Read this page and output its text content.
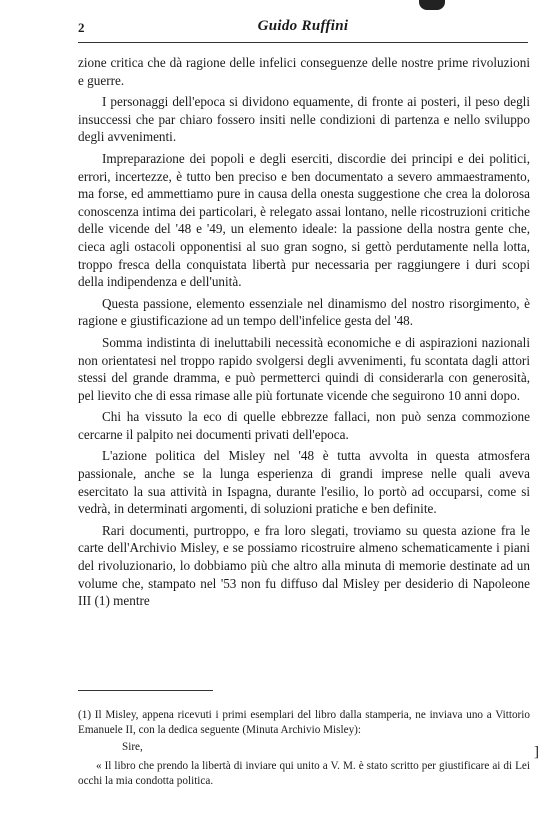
2	Guido Ruffini

zione critica che dà ragione delle infelici conseguenze delle nostre prime rivoluzioni e guerre.

I personaggi dell'epoca si dividono equamente, di fronte ai posteri, il peso degli insuccessi che par chiaro fossero insiti nelle condizioni di partenza e nello sviluppo degli avvenimenti.

Impreparazione dei popoli e degli eserciti, discordie dei principi e dei politici, errori, incertezze, è tutto ben preciso e ben documentato a severo ammaestramento, ma forse, ed ammettiamo pure in causa della onesta suggestione che crea la dolorosa conoscenza intima dei particolari, è relegato assai lontano, nelle ricostruzioni critiche delle vicende del '48 e '49, un elemento ideale: la passione della nostra gente che, cieca agli ostacoli opponentisi al suo gran sogno, si gettò perdutamente nella lotta, troppo fresca della conquistata libertà pur necessaria per raggiungere i duri scopi della indipendenza e dell'unità.

Questa passione, elemento essenziale nel dinamismo del nostro risorgimento, è ragione e giustificazione ad un tempo dell'infelice gesta del '48.

Somma indistinta di ineluttabili necessità economiche e di aspirazioni nazionali non orientatesi nel troppo rapido svolgersi degli avvenimenti, fu scontata dagli attori stessi del grande dramma, e può permetterci quindi di considerarla con generosità, pel lievito che di essa rimase alle più fortunate vicende che seguirono 10 anni dopo.

Chi ha vissuto la eco di quelle ebbrezze fallaci, non può senza commozione cercarne il palpito nei documenti privati dell'epoca.

L'azione politica del Misley nel '48 è tutta avvolta in questa atmosfera passionale, anche se la lunga esperienza di grandi imprese nelle quali aveva esercitato la sua attività in Ispagna, durante l'esilio, lo portò ad occuparsi, come si vedrà, in determinati argomenti, di soluzioni pratiche e ben definite.

Rari documenti, purtroppo, e fra loro slegati, troviamo su questa azione fra le carte dell'Archivio Misley, e se possiamo ricostruire almeno schematicamente i piani del rivoluzionario, lo dobbiamo più che altro alla minuta di memorie destinate ad un volume che, stampato nel '53 non fu diffuso dal Misley per desiderio di Napoleone III (1) mentre

(1) Il Misley, appena ricevuti i primi esemplari del libro dalla stamperia, ne inviava uno a Vittorio Emanuele II, con la dedica seguente (Minuta Archivio Misley):

Sire,

« Il libro che prendo la libertà di inviare qui unito a V. M. è stato scritto per giustificare ai di Lei occhi la mia condotta politica.

]
